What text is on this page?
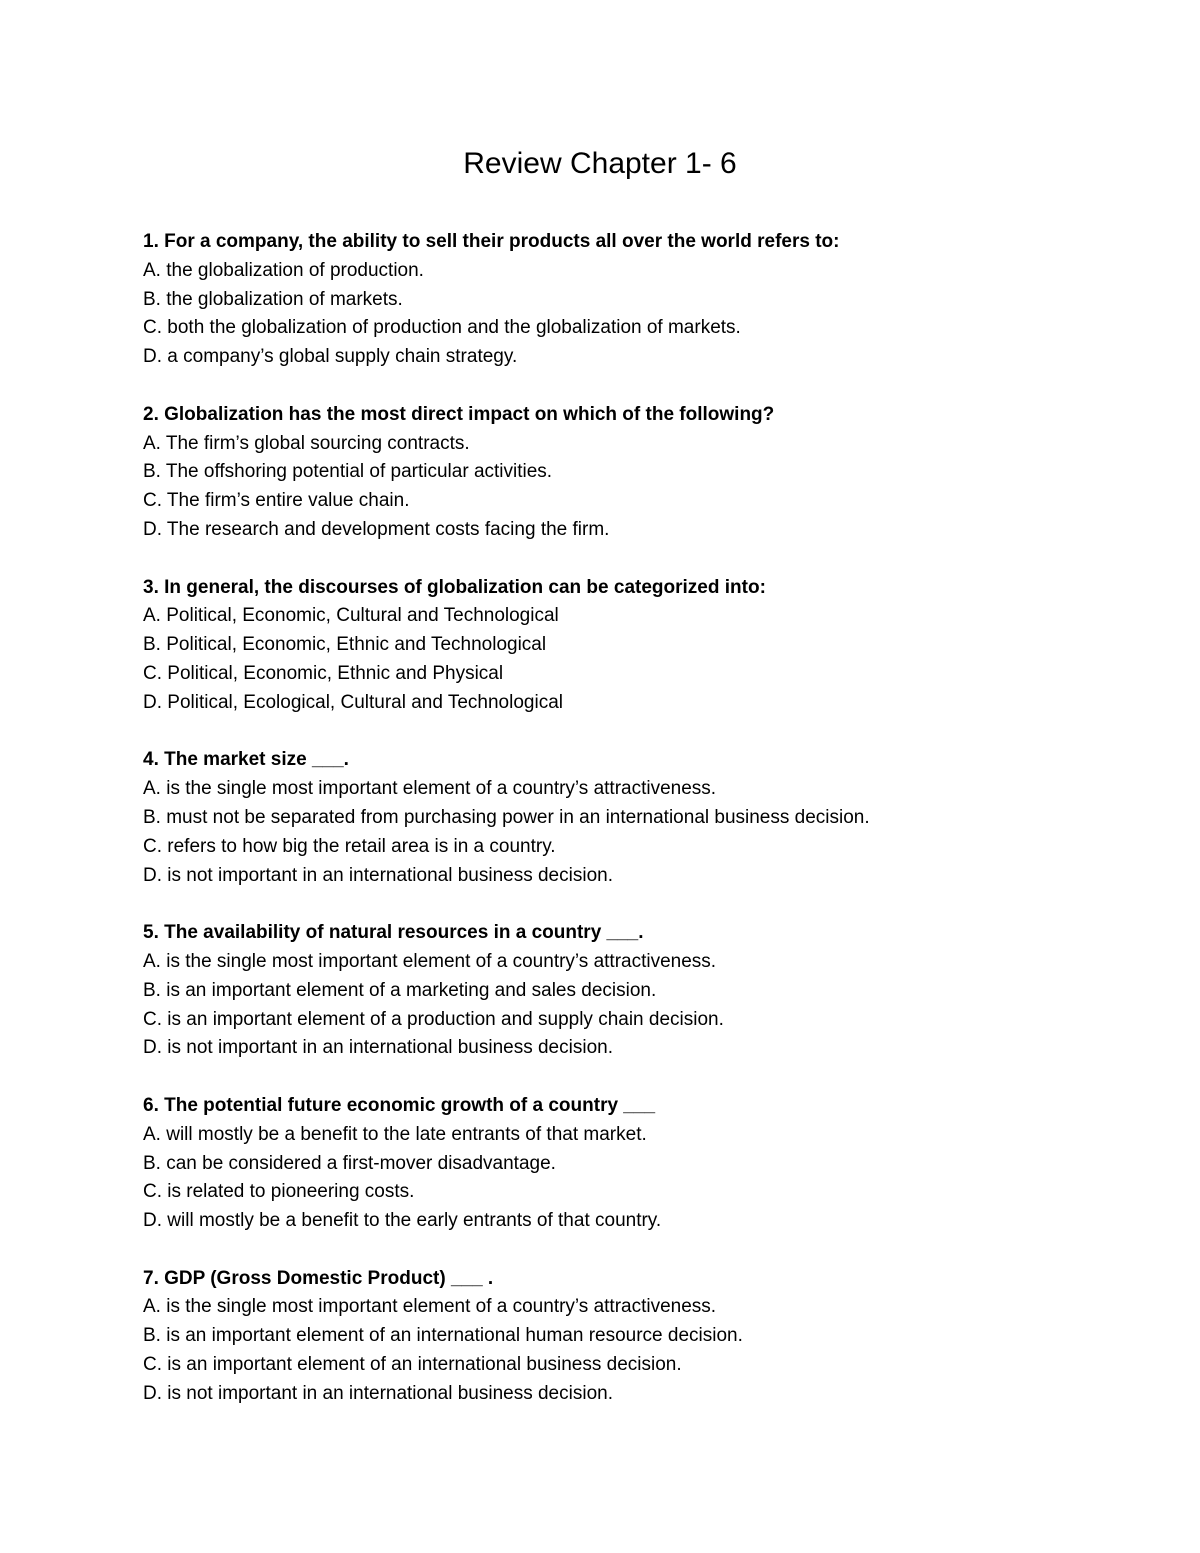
Review Chapter 1- 6
1. For a company, the ability to sell their products all over the world refers to:
A. the globalization of production.
B. the globalization of markets.
C. both the globalization of production and the globalization of markets.
D. a company’s global supply chain strategy.
2. Globalization has the most direct impact on which of the following?
A. The firm’s global sourcing contracts.
B. The offshoring potential of particular activities.
C. The firm’s entire value chain.
D. The research and development costs facing the firm.
3. In general, the discourses of globalization can be categorized into:
A. Political, Economic, Cultural and Technological
B. Political, Economic, Ethnic and Technological
C. Political, Economic, Ethnic and Physical
D. Political, Ecological, Cultural and Technological
4. The market size ___.
A. is the single most important element of a country’s attractiveness.
B. must not be separated from purchasing power in an international business decision.
C. refers to how big the retail area is in a country.
D. is not important in an international business decision.
5. The availability of natural resources in a country ___.
A. is the single most important element of a country’s attractiveness.
B. is an important element of a marketing and sales decision.
C. is an important element of a production and supply chain decision.
D. is not important in an international business decision.
6. The potential future economic growth of a country ___
A. will mostly be a benefit to the late entrants of that market.
B. can be considered a first-mover disadvantage.
C. is related to pioneering costs.
D. will mostly be a benefit to the early entrants of that country.
7. GDP (Gross Domestic Product) ___ .
A. is the single most important element of a country’s attractiveness.
B. is an important element of an international human resource decision.
C. is an important element of an international business decision.
D. is not important in an international business decision.
